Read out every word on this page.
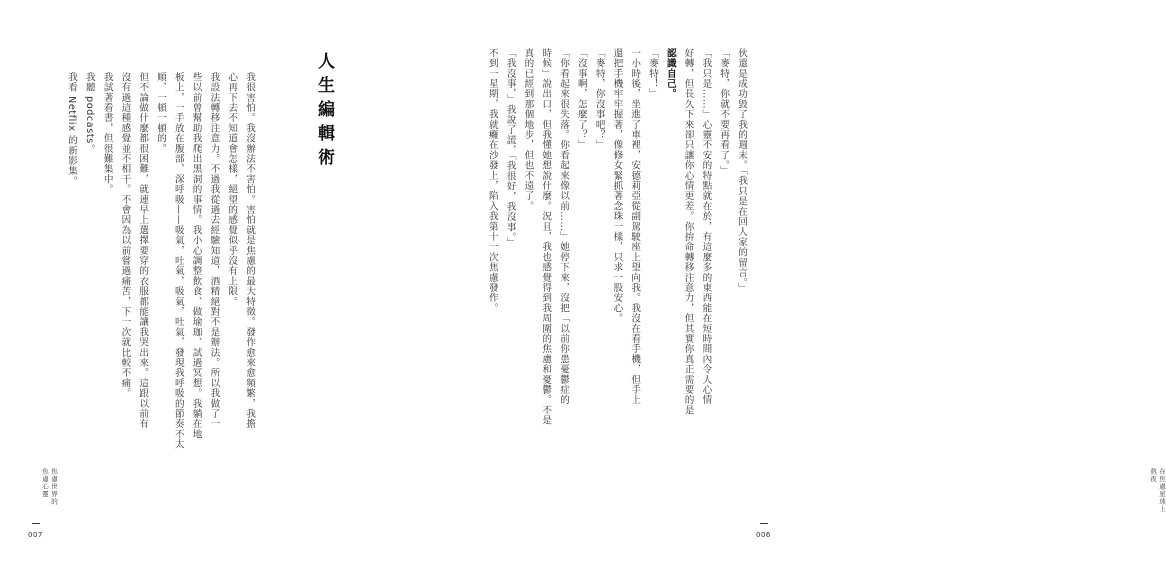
人生編輯術

我很害怕。我沒辦法不害怕。害怕就是焦慮的最大特徵。發作愈來愈頻繁，我擔

心再下去不知道會怎樣，絕望的感覺似乎沒有上限。

我設法轉移注意力。不過我從過去經驗知道，酒精絕對不是辦法。所以我做了一

些以前曾幫助我爬出黑洞的事情。我小心調整飲食、做瑜珈、試過冥想。我躺在地

板上，一手放在腹部，深呼吸——吸氣，吐氣，吸氣，吐氣，發現我呼吸的節奏不太

順，一頓一頓的。

但不論做什麼都很困難，就連早上選擇要穿的衣服都能讓我哭出來。這跟以前有

沒有過這種感覺並不相干。不會因為以前嘗過痛苦，下一次就比較不痛。

我試著看書，但很難集中。

我聽 podcasts。

我看 Netflix 的新影集。

焦慮世界的
焦慮心靈
007

伙還是成功毀了我的週末。「我只是在回人家的留言。」

「麥特，你就不要再看了。」

「我只是……」心靈不安的特點就在於，有這麼多的東西能在短時間內令人心情

好轉，但長久下來卻只讓你心情更差。你拚命轉移注意力，但其實你真正需要的是

認識自己。

「麥特！」

一小時後，坐進了車裡，安德莉亞從副駕駛座上望向我。我沒在看手機，但手上

還把手機牢牢握著，像修女緊抓著念珠一樣，只求一股安心。

「麥特，你沒事吧？」

「沒事啊，怎麼了？」

「你看起來很失落。你看起來像以前……」她停下來，沒把「以前你患憂鬱症的

時候」說出口，但我懂她想說什麼。況且，我也感覺得到我周圍的焦慮和憂鬱。不是

真的已經到那個地步，但也不遠了。

「我沒事，」我說了謊，「我很好，我沒事。」

不到一星期，我就癱在沙發上，陷入我第十一次焦慮發作。

在焦慮星球上
熬夜
006
